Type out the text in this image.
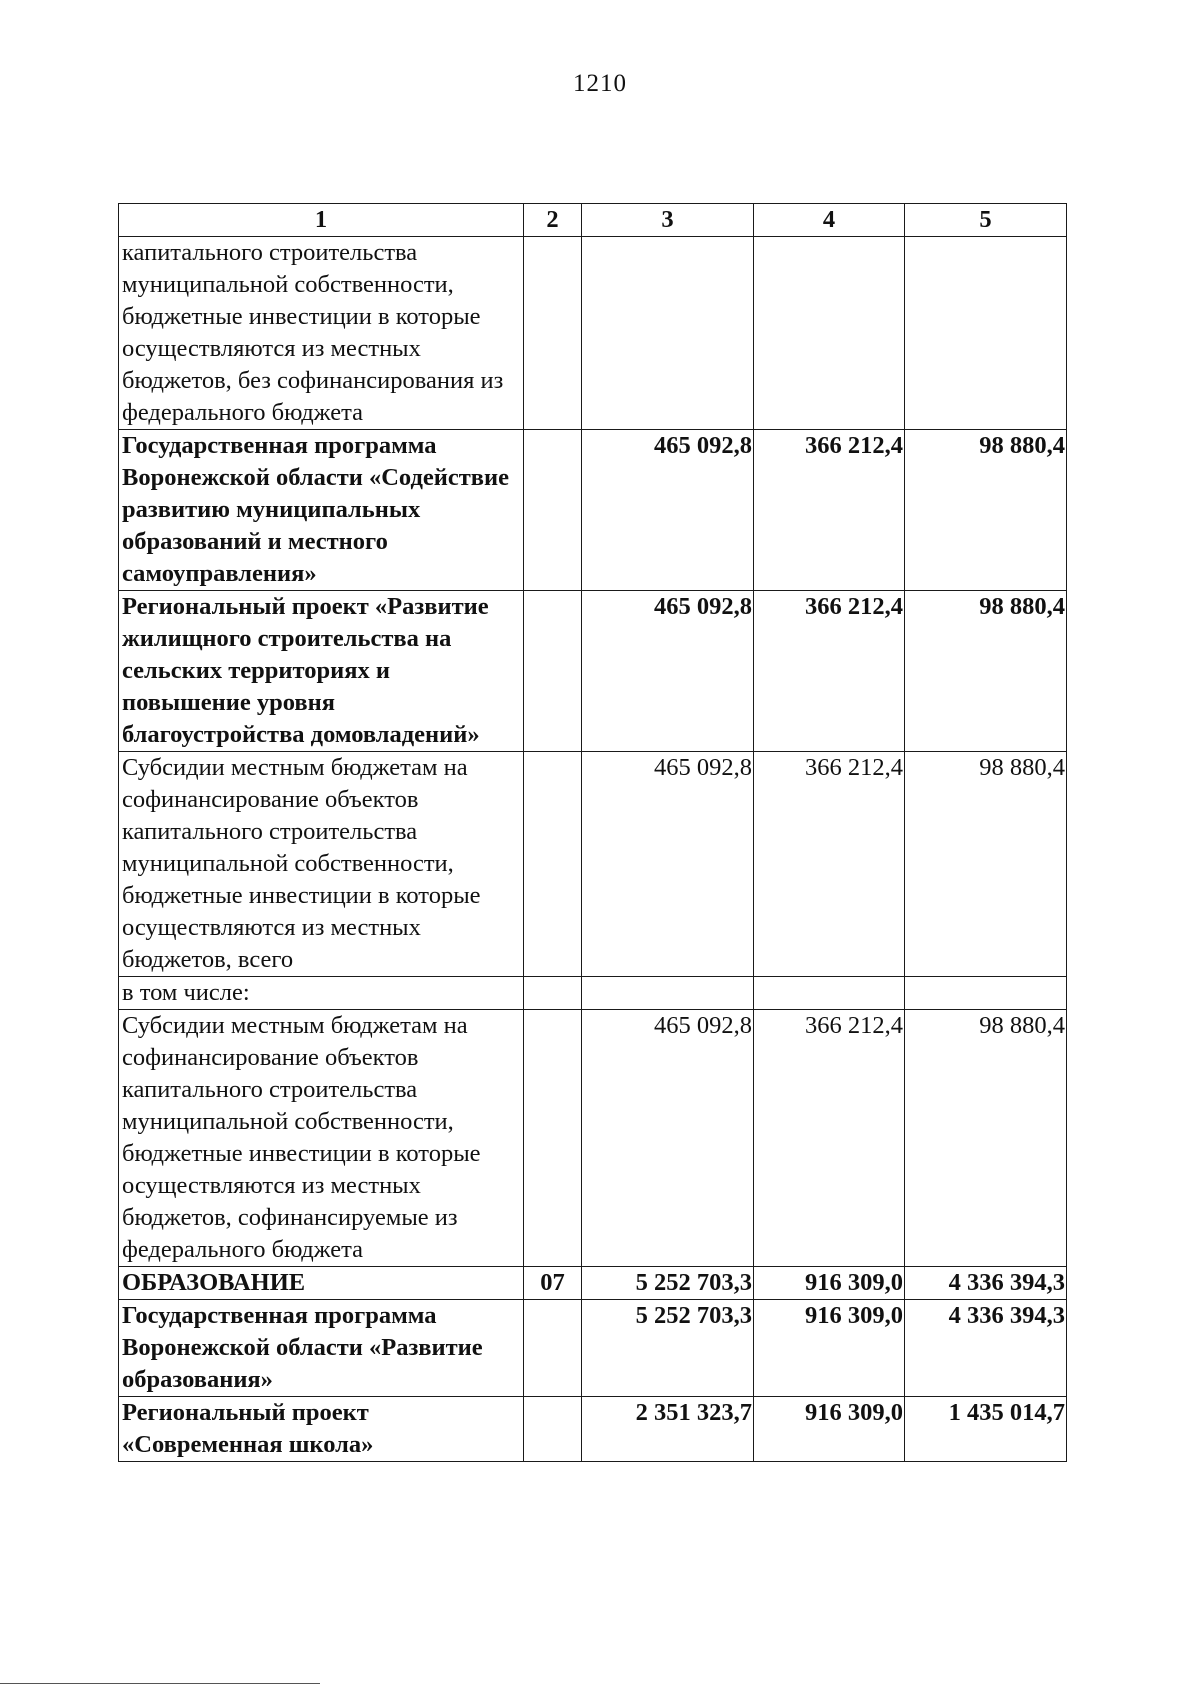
1210
1	2	3	4	5
капитального строительства муниципальной собственности, бюджетные инвестиции в которые осуществляются из местных бюджетов, без софинансирования из федерального бюджета				
Государственная программа Воронежской области «Содействие развитию муниципальных образований и местного самоуправления»		465 092,8	366 212,4	98 880,4
Региональный проект «Развитие жилищного строительства на сельских территориях и повышение уровня благоустройства домовладений»		465 092,8	366 212,4	98 880,4
Субсидии местным бюджетам на софинансирование объектов капитального строительства муниципальной собственности, бюджетные инвестиции в которые осуществляются из местных бюджетов, всего		465 092,8	366 212,4	98 880,4
в том числе:				
Субсидии местным бюджетам на софинансирование объектов капитального строительства муниципальной собственности, бюджетные инвестиции в которые осуществляются из местных бюджетов, софинансируемые из федерального бюджета		465 092,8	366 212,4	98 880,4
ОБРАЗОВАНИЕ	07	5 252 703,3	916 309,0	4 336 394,3
Государственная программа Воронежской области «Развитие образования»		5 252 703,3	916 309,0	4 336 394,3
Региональный проект «Современная школа»		2 351 323,7	916 309,0	1 435 014,7
